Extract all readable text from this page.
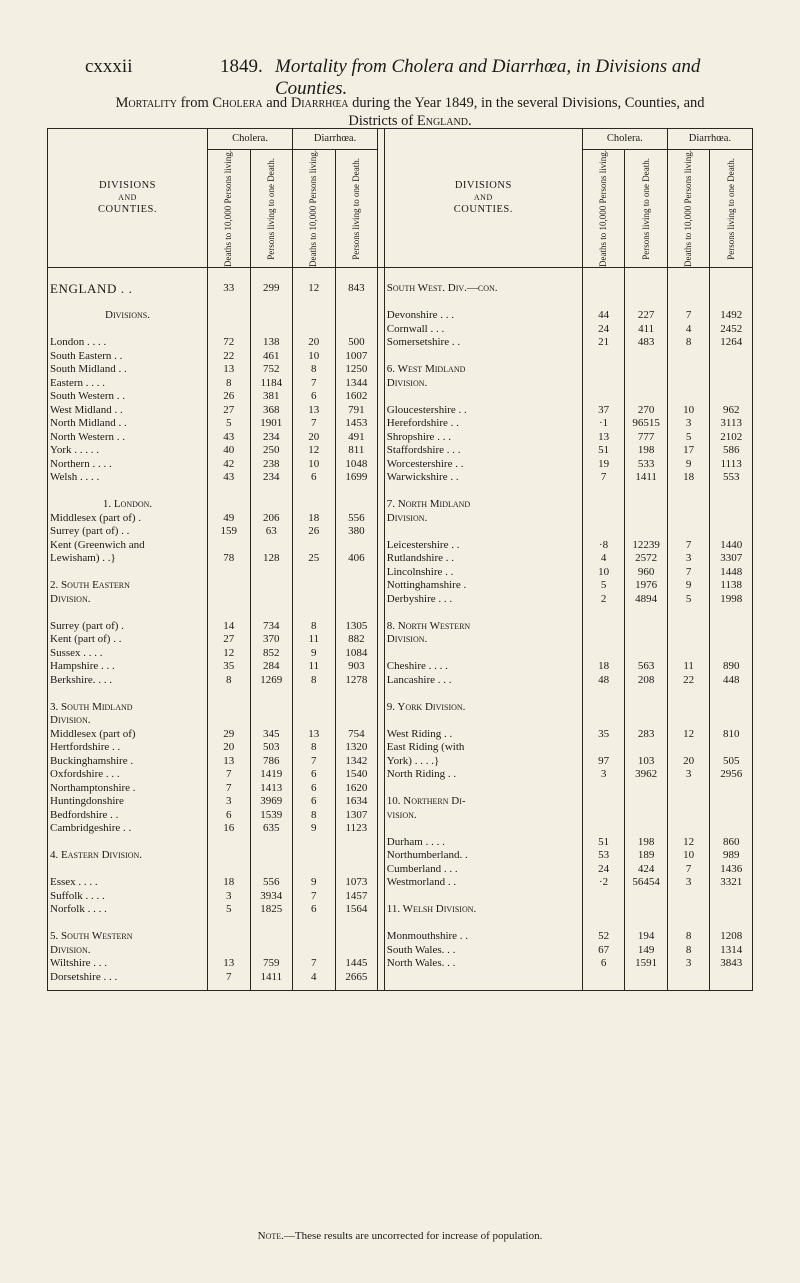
cxxxii	1849. Mortality from Cholera and Diarrhœa, in Divisions and Counties.
Mortality from Cholera and Diarrhœa during the Year 1849, in the several Divisions, Counties, and Districts of England.
DIVISIONS
AND
COUNTIES.	Cholera.		Diarrhœa.			DIVISIONS
AND
COUNTIES.	Cholera.		Diarrhœa.	

	Deaths to 10,000 Persons living.	Persons living to one Death.	Deaths to 10,000 Persons living.	Persons living to one Death.			Deaths to 10,000 Persons living.	Persons living to one Death.	Deaths to 10,000 Persons living.	Persons living to one Death.

ENGLAND . .	33	299	12	843		South West. Div.—con.				

Divisions.						Devonshire . . .	44	227	7	1492
						Cornwall . . .	24	411	4	2452
London . . . .	72	138	20	500		Somersetshire . .	21	483	8	1264
South Eastern . .	22	461	10	1007						
South Midland . .	13	752	8	1250		6. West Midland				
Eastern . . . .	8	1184	7	1344		Division.				
South Western . .	26	381	6	1602						
West Midland . .	27	368	13	791		Gloucestershire . .	37	270	10	962
North Midland . .	5	1901	7	1453		Herefordshire . .	·1	96515	3	3113
North Western . .	43	234	20	491		Shropshire . . .	13	777	5	2102
York . . . . .	40	250	12	811		Staffordshire . . .	51	198	17	586
Northern . . . .	42	238	10	1048		Worcestershire . .	19	533	9	1113
Welsh . . . .	43	234	6	1699		Warwickshire . .	7	1411	18	553

1. London.						7. North Midland				
Middlesex (part of) .	49	206	18	556		Division.				
Surrey (part of) . .	159	63	26	380						
Kent (Greenwich and						Leicestershire . .	·8	12239	7	1440
Lewisham) . .}	78	128	25	406		Rutlandshire . .	4	2572	3	3307
						Lincolnshire . .	10	960	7	1448
2. South Eastern						Nottinghamshire .	5	1976	9	1138
Division.						Derbyshire . . .	2	4894	5	1998

Surrey (part of) .	14	734	8	1305		8. North Western				
Kent (part of) . .	27	370	11	882		Division.				
Sussex . . . .	12	852	9	1084						
Hampshire . . .	35	284	11	903		Cheshire . . . .	18	563	11	890
Berkshire. . . .	8	1269	8	1278		Lancashire . . .	48	208	22	448

3. South Midland						9. York Division.				
Division.										
Middlesex (part of)	29	345	13	754		West Riding . .	35	283	12	810
Hertfordshire . .	20	503	8	1320		East Riding (with				
Buckinghamshire .	13	786	7	1342		York) . . . .}	97	103	20	505
Oxfordshire . . .	7	1419	6	1540		North Riding . .	3	3962	3	2956
Northamptonshire .	7	1413	6	1620						
Huntingdonshire	3	3969	6	1634		10. Northern Di-				
Bedfordshire . .	6	1539	8	1307		vision.				
Cambridgeshire . .	16	635	9	1123						
						Durham . . . .	51	198	12	860
4. Eastern Division.						Northumberland. .	53	189	10	989
						Cumberland . . .	24	424	7	1436
Essex . . . .	18	556	9	1073		Westmorland . .	·2	56454	3	3321
Suffolk . . . .	3	3934	7	1457						
Norfolk . . . .	5	1825	6	1564		11. Welsh Division.				

5. South Western						Monmouthshire . .	52	194	8	1208
Division.						South Wales. . .	67	149	8	1314
Wiltshire . . .	13	759	7	1445		North Wales. . .	6	1591	3	3843
Dorsetshire . . .	7	1411	4	2665						
Note.—These results are uncorrected for increase of population.
